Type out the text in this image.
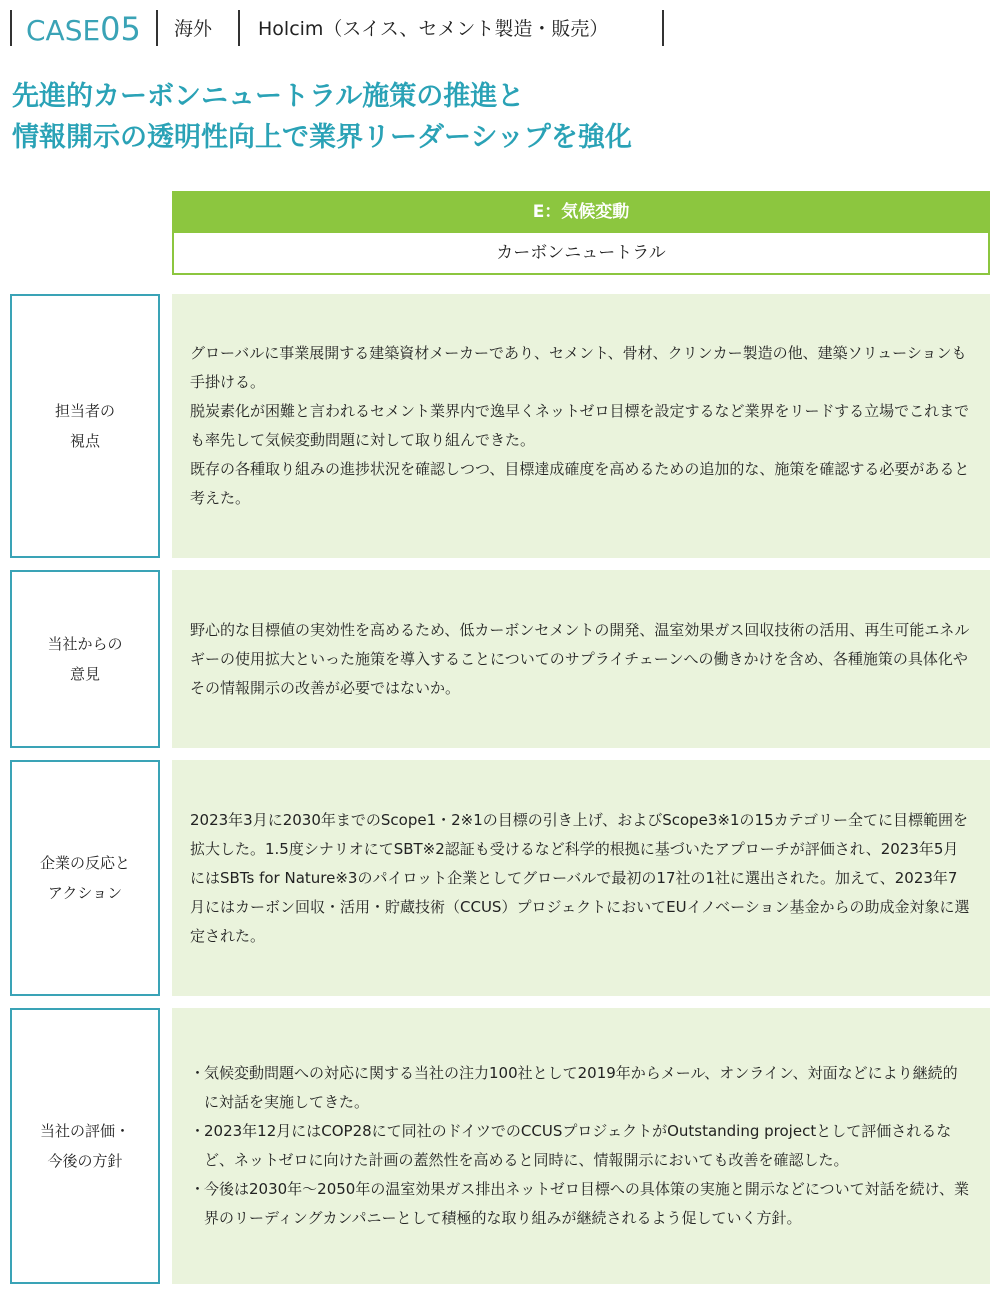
CASE05 海外 Holcim（スイス、セメント製造・販売）
先進的カーボンニュートラル施策の推進と
情報開示の透明性向上で業界リーダーシップを強化
E：気候変動
カーボンニュートラル
担当者の
視点

グローバルに事業展開する建築資材メーカーであり、セメント、骨材、クリンカー製造の他、建築ソリューションも手掛ける。

脱炭素化が困難と言われるセメント業界内で逸早くネットゼロ目標を設定するなど業界をリードする立場でこれまでも率先して気候変動問題に対して取り組んできた。

既存の各種取り組みの進捗状況を確認しつつ、目標達成確度を高めるための追加的な、施策を確認する必要があると考えた。

当社からの
意見

野心的な目標値の実効性を高めるため、低カーボンセメントの開発、温室効果ガス回収技術の活用、再生可能エネルギーの使用拡大といった施策を導入することについてのサプライチェーンへの働きかけを含め、各種施策の具体化やその情報開示の改善が必要ではないか。

企業の反応と
アクション

2023年3月に2030年までのScope1・2※1の目標の引き上げ、およびScope3※1の15カテゴリー全てに目標範囲を拡大した。1.5度シナリオにてSBT※2認証も受けるなど科学的根拠に基づいたアプローチが評価され、2023年5月にはSBTs for Nature※3のパイロット企業としてグローバルで最初の17社の1社に選出された。加えて、2023年7月にはカーボン回収・活用・貯蔵技術（CCUS）プロジェクトにおいてEUイノベーション基金からの助成金対象に選定された。

当社の評価・
今後の方針
・ 気候変動問題への対応に関する当社の注力100社として2019年からメール、オンライン、対面などにより継続的に対話を実施してきた。
・ 2023年12月にはCOP28にて同社のドイツでのCCUSプロジェクトがOutstanding projectとして評価されるなど、ネットゼロに向けた計画の蓋然性を高めると同時に、情報開示においても改善を確認した。
・ 今後は2030年～2050年の温室効果ガス排出ネットゼロ目標への具体策の実施と開示などについて対話を続け、業界のリーディングカンパニーとして積極的な取り組みが継続されるよう促していく方針。
